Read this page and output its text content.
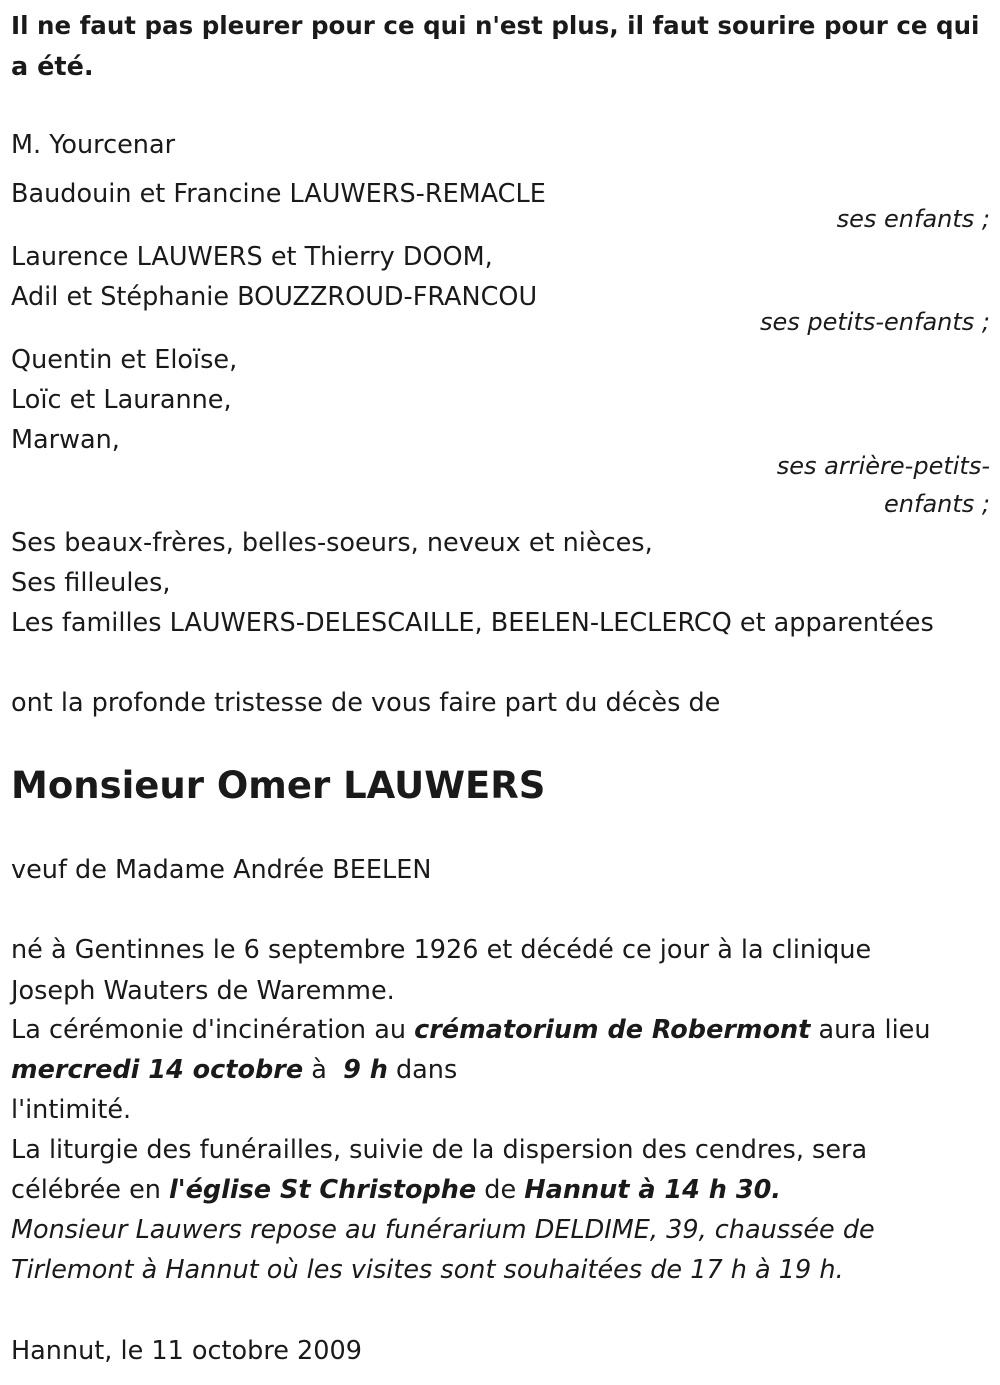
Il ne faut pas pleurer pour ce qui n'est plus, il faut sourire pour ce qui
a été.
M. Yourcenar
Baudouin et Francine LAUWERS-REMACLE
ses enfants ;
Laurence LAUWERS et Thierry DOOM,
Adil et Stéphanie BOUZZROUD-FRANCOU
ses petits-enfants ;
Quentin et Eloïse,
Loïc et Lauranne,
Marwan,
ses arrière-petits-
enfants ;
Ses beaux-frères, belles-soeurs, neveux et nièces,
Ses filleules,
Les familles LAUWERS-DELESCAILLE, BEELEN-LECLERCQ et apparentées
ont la profonde tristesse de vous faire part du décès de
Monsieur Omer LAUWERS
veuf de Madame Andrée BEELEN
né à Gentinnes le 6 septembre 1926 et décédé ce jour à la clinique
Joseph Wauters de Waremme.
La cérémonie d'incinération au crématorium de Robermont aura lieu
mercredi 14 octobre à  9 h dans
l'intimité.
La liturgie des funérailles, suivie de la dispersion des cendres, sera
célébrée en l'église St Christophe de Hannut à 14 h 30.
Monsieur Lauwers repose au funérarium DELDIME, 39, chaussée de
Tirlemont à Hannut où les visites sont souhaitées de 17 h à 19 h.
Hannut, le 11 octobre 2009
